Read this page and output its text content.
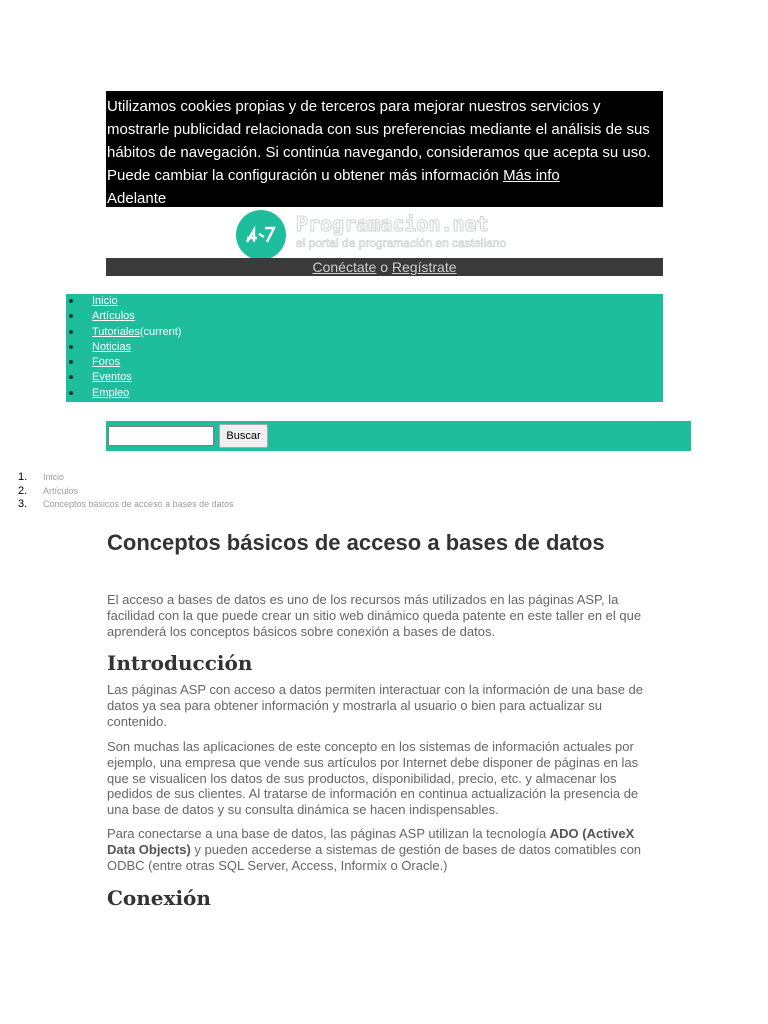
Utilizamos cookies propias y de terceros para mejorar nuestros servicios y mostrarle publicidad relacionada con sus preferencias mediante el análisis de sus hábitos de navegación. Si continúa navegando, consideramos que acepta su uso. Puede cambiar la configuración u obtener más información Más info
Adelante
Programacion.net
el portal de programación en castellano
Conéctate o Regístrate
Inicio
Artículos
Tutoriales(current)
Noticias
Foros
Eventos
Empleo
Buscar
1. Inicio
2. Artículos
3. Conceptos básicos de acceso a bases de datos
Conceptos básicos de acceso a bases de datos

El acceso a bases de datos es uno de los recursos más utilizados en las páginas ASP, la facilidad con la que puede crear un sitio web dinámico queda patente en este taller en el que aprenderá los conceptos básicos sobre conexión a bases de datos.

Introducción

Las páginas ASP con acceso a datos permiten interactuar con la información de una base de datos ya sea para obtener información y mostrarla al usuario o bien para actualizar su contenido.

Son muchas las aplicaciones de este concepto en los sistemas de información actuales por ejemplo, una empresa que vende sus artículos por Internet debe disponer de páginas en las que se visualicen los datos de sus productos, disponibilidad, precio, etc. y almacenar los pedidos de sus clientes. Al tratarse de información en continua actualización la presencia de una base de datos y su consulta dinámica se hacen indispensables.

Para conectarse a una base de datos, las páginas ASP utilizan la tecnología ADO (ActiveX Data Objects) y pueden accederse a sistemas de gestión de bases de datos comatibles con ODBC (entre otras SQL Server, Access, Informix o Oracle.)

Conexión
